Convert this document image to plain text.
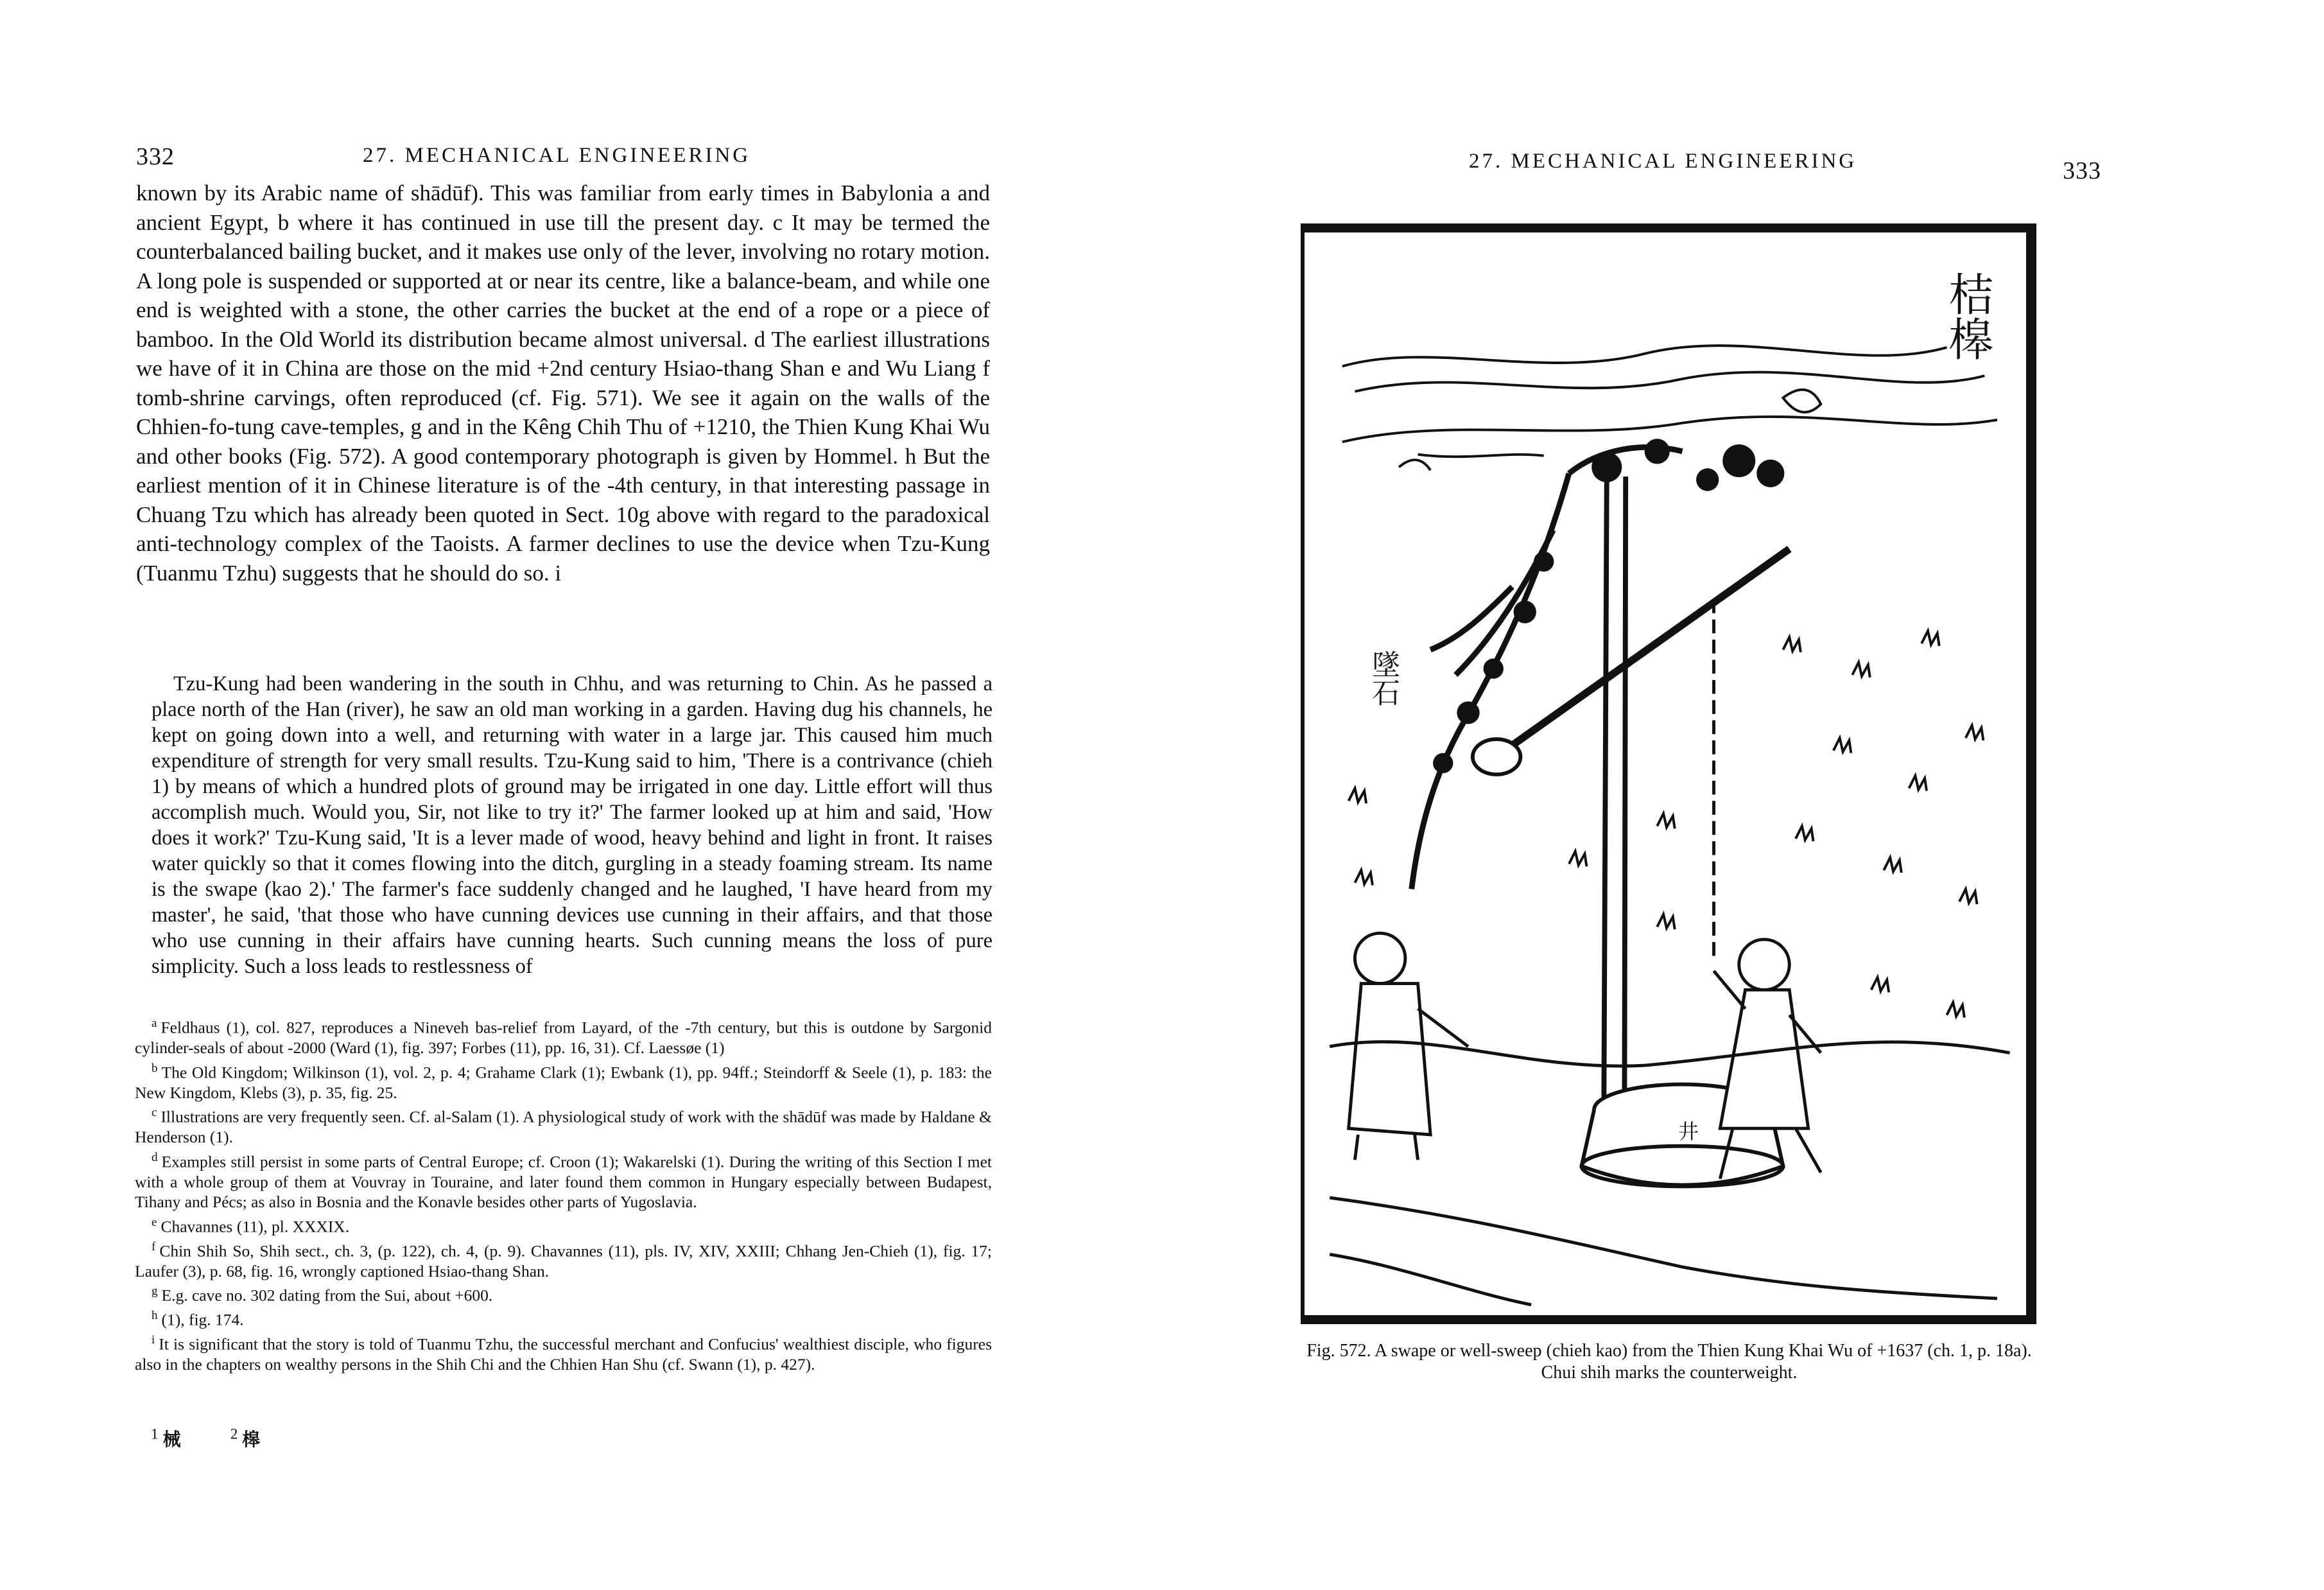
332	27. MECHANICAL ENGINEERING

known by its Arabic name of shādūf). This was familiar from early times in Babylonia a and ancient Egypt, b where it has continued in use till the present day. c It may be termed the counterbalanced bailing bucket, and it makes use only of the lever, involving no rotary motion. A long pole is suspended or supported at or near its centre, like a balance-beam, and while one end is weighted with a stone, the other carries the bucket at the end of a rope or a piece of bamboo. In the Old World its distribution became almost universal. d The earliest illustrations we have of it in China are those on the mid +2nd century Hsiao-thang Shan e and Wu Liang f tomb-shrine carvings, often reproduced (cf. Fig. 571). We see it again on the walls of the Chhien-fo-tung cave-temples, g and in the Kêng Chih Thu of +1210, the Thien Kung Khai Wu and other books (Fig. 572). A good contemporary photograph is given by Hommel. h But the earliest mention of it in Chinese literature is of the -4th century, in that interesting passage in Chuang Tzu which has already been quoted in Sect. 10g above with regard to the paradoxical anti-technology complex of the Taoists. A farmer declines to use the device when Tzu-Kung (Tuanmu Tzhu) suggests that he should do so. i

Tzu-Kung had been wandering in the south in Chhu, and was returning to Chin. As he passed a place north of the Han (river), he saw an old man working in a garden. Having dug his channels, he kept on going down into a well, and returning with water in a large jar. This caused him much expenditure of strength for very small results. Tzu-Kung said to him, 'There is a contrivance (chieh 1) by means of which a hundred plots of ground may be irrigated in one day. Little effort will thus accomplish much. Would you, Sir, not like to try it?' The farmer looked up at him and said, 'How does it work?' Tzu-Kung said, 'It is a lever made of wood, heavy behind and light in front. It raises water quickly so that it comes flowing into the ditch, gurgling in a steady foaming stream. Its name is the swape (kao 2).' The farmer's face suddenly changed and he laughed, 'I have heard from my master', he said, 'that those who have cunning devices use cunning in their affairs, and that those who use cunning in their affairs have cunning hearts. Such cunning means the loss of pure simplicity. Such a loss leads to restlessness of

$^a$ Feldhaus (1), col. 827, reproduces a Nineveh bas-relief from Layard, of the -7th century, but this is outdone by Sargonid cylinder-seals of about -2000 (Ward (1), fig. 397; Forbes (11), pp. 16, 31). Cf. Laessøe (1)

$^b$ The Old Kingdom; Wilkinson (1), vol. 2, p. 4; Grahame Clark (1); Ewbank (1), pp. 94ff.; Steindorff & Seele (1), p. 183: the New Kingdom, Klebs (3), p. 35, fig. 25.

$^c$ Illustrations are very frequently seen. Cf. al-Salam (1). A physiological study of work with the shādūf was made by Haldane & Henderson (1).

$^d$ Examples still persist in some parts of Central Europe; cf. Croon (1); Wakarelski (1). During the writing of this Section I met with a whole group of them at Vouvray in Touraine, and later found them common in Hungary especially between Budapest, Tihany and Pécs; as also in Bosnia and the Konavle besides other parts of Yugoslavia.

$^e$ Chavannes (11), pl. XXXIX.

$^f$ Chin Shih So, Shih sect., ch. 3, (p. 122), ch. 4, (p. 9). Chavannes (11), pls. IV, XIV, XXIII; Chhang Jen-Chieh (1), fig. 17; Laufer (3), p. 68, fig. 16, wrongly captioned Hsiao-thang Shan.

$^g$ E.g. cave no. 302 dating from the Sui, about +600.

$^h$ (1), fig. 174.

$^i$ It is significant that the story is told of Tuanmu Tzhu, the successful merchant and Confucius' wealthiest disciple, who figures also in the chapters on wealthy persons in the Shih Chi and the Chhien Han Shu (cf. Swann (1), p. 427).

$^1$ 械	$^2$ 槔
27. MECHANICAL ENGINEERING	333
桔槔
墜石
井
Fig. 572. A swape or well-sweep (chieh kao) from the Thien Kung Khai Wu of +1637 (ch. 1, p. 18a). Chui shih marks the counterweight.
